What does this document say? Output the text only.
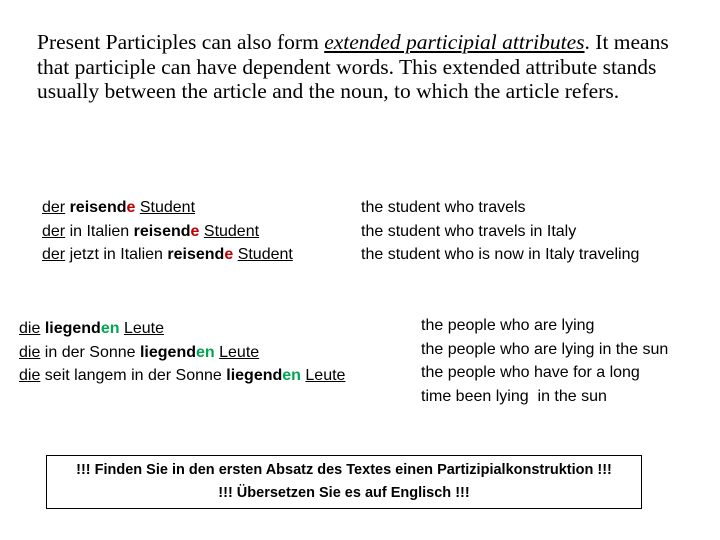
Present Participles can also form extended participial attributes. It means that participle can have dependent words. This extended attribute stands usually between the article and the noun, to which the article refers.

der reisende Student
der in Italien reisende Student
der jetzt in Italien reisende Student
the student who travels
the student who travels in Italy
the student who is now in Italy traveling
die liegenden Leute
die in der Sonne liegenden Leute
die seit langem in der Sonne liegenden Leute
the people who are lying
the people who are lying in the sun
the people who have for a long
time been lying  in the sun
!!! Finden Sie in den ersten Absatz des Textes einen Partizipialkonstruktion !!!
!!! Übersetzen Sie es auf Englisch !!!
